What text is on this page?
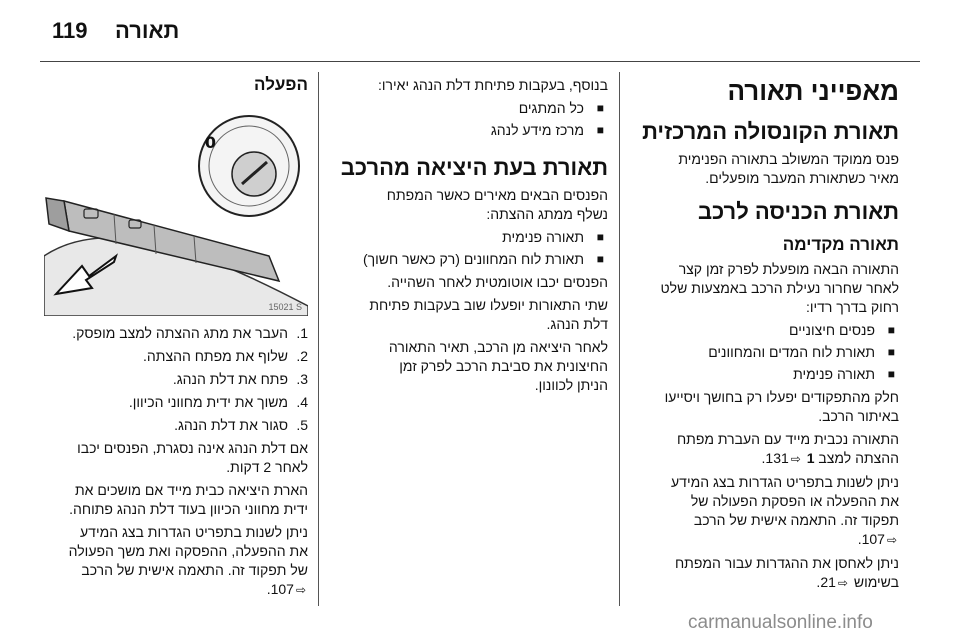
119 תאורה
מאפייני תאורה
תאורת הקונסולה המרכזית
פנס ממוקד המשולב בתאורה הפנימית
מאיר כשתאורת המעבר מופעלים.
תאורת הכניסה לרכב
תאורה מקדימה
התאורה הבאה מופעלת לפרק זמן קצר
לאחר שחרור נעילת הרכב באמצעות שלט
רחוק בדרך רדיו:
■
פנסים חיצוניים
■
תאורת לוח המדים והמחוונים
■
תאורה פנימית
חלק מהתפקודים יפעלו רק בחושך ויסייעו
באיתור הרכב.
התאורה נכבית מייד עם העברת מפתח
ההצתה למצב 1 ⇨131.
ניתן לשנות בתפריט הגדרות בצג המידע
את ההפעלה או הפסקת הפעולה של
תפקוד זה. התאמה אישית של הרכב
⇨107.
ניתן לאחסן את ההגדרות עבור המפתח
בשימוש ⇨21.
בנוסף, בעקבות פתיחת דלת הנהג יאירו:
■
כל המתגים
■
מרכז מידע לנהג
תאורת בעת היציאה מהרכב
הפנסים הבאים מאירים כאשר המפתח
נשלף ממתג ההצתה:
■
תאורה פנימית
■
תאורת לוח המחוונים (רק כאשר חשוך)
הפנסים יכבו אוטומטית לאחר השהייה.
שתי התאורות יופעלו שוב בעקבות פתיחת
דלת הנהג.
לאחר היציאה מן הרכב, תאיר התאורה
החיצונית את סביבת הרכב לפרק זמן
הניתן לכוונון.
הפעלה
0
15021 S
1.
העבר את מתג ההצתה למצב מופסק.
2.
שלוף את מפתח ההצתה.
3.
פתח את דלת הנהג.
4.
משוך את ידית מחווני הכיוון.
5.
סגור את דלת הנהג.
אם דלת הנהג אינה נסגרת, הפנסים יכבו
לאחר 2 דקות.
הארת היציאה כבית מייד אם מושכים את
ידית מחווני הכיוון בעוד דלת הנהג פתוחה.
ניתן לשנות בתפריט הגדרות בצג המידע
את ההפעלה, ההפסקה ואת משך הפעולה
של תפקוד זה. התאמה אישית של הרכב
⇨107.
carmanualsonline.info
